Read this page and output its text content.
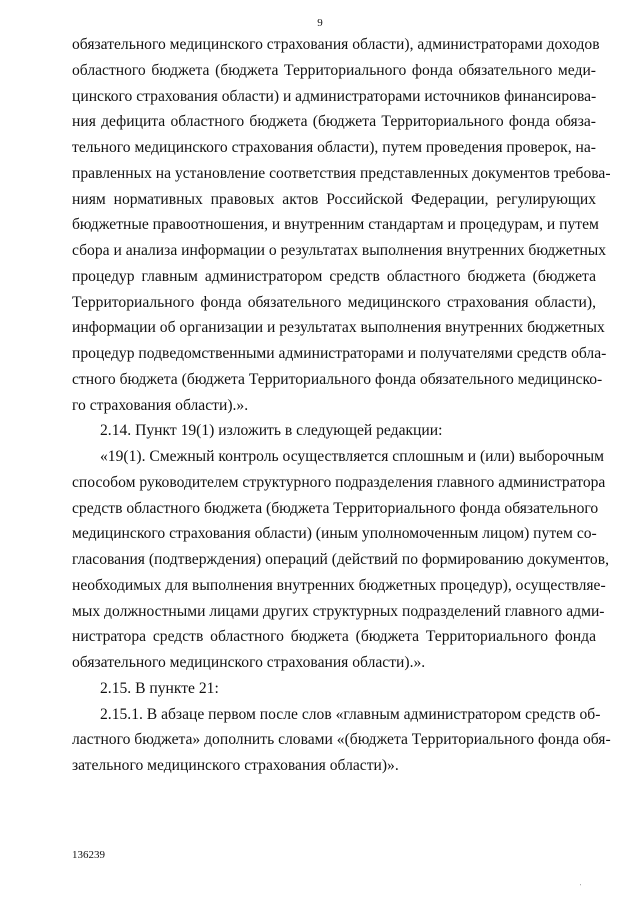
9
обязательного медицинского страхования области), администраторами доходов
областного бюджета (бюджета Территориального фонда обязательного меди-
цинского страхования области) и администраторами источников финансирова-
ния дефицита областного бюджета (бюджета Территориального фонда обяза-
тельного медицинского страхования области), путем проведения проверок, на-
правленных на установление соответствия представленных документов требова-
ниям нормативных правовых актов Российской Федерации, регулирующих
бюджетные правоотношения, и внутренним стандартам и процедурам, и путем
сбора и анализа информации о результатах выполнения внутренних бюджетных
процедур главным администратором средств областного бюджета (бюджета
Территориального фонда обязательного медицинского страхования области),
информации об организации и результатах выполнения внутренних бюджетных
процедур подведомственными администраторами и получателями средств обла-
стного бюджета (бюджета Территориального фонда обязательного медицинско-
го страхования области).».
2.14. Пункт 19(1) изложить в следующей редакции:
«19(1). Смежный контроль осуществляется сплошным и (или) выборочным
способом руководителем структурного подразделения главного администратора
средств областного бюджета (бюджета Территориального фонда обязательного
медицинского страхования области) (иным уполномоченным лицом) путем со-
гласования (подтверждения) операций (действий по формированию документов,
необходимых для выполнения внутренних бюджетных процедур), осуществляе-
мых должностными лицами других структурных подразделений главного адми-
нистратора средств областного бюджета (бюджета Территориального фонда
обязательного медицинского страхования области).».
2.15. В пункте 21:
2.15.1. В абзаце первом после слов «главным администратором средств об-
ластного бюджета» дополнить словами «(бюджета Территориального фонда обя-
зательного медицинского страхования области)».
136239
'
